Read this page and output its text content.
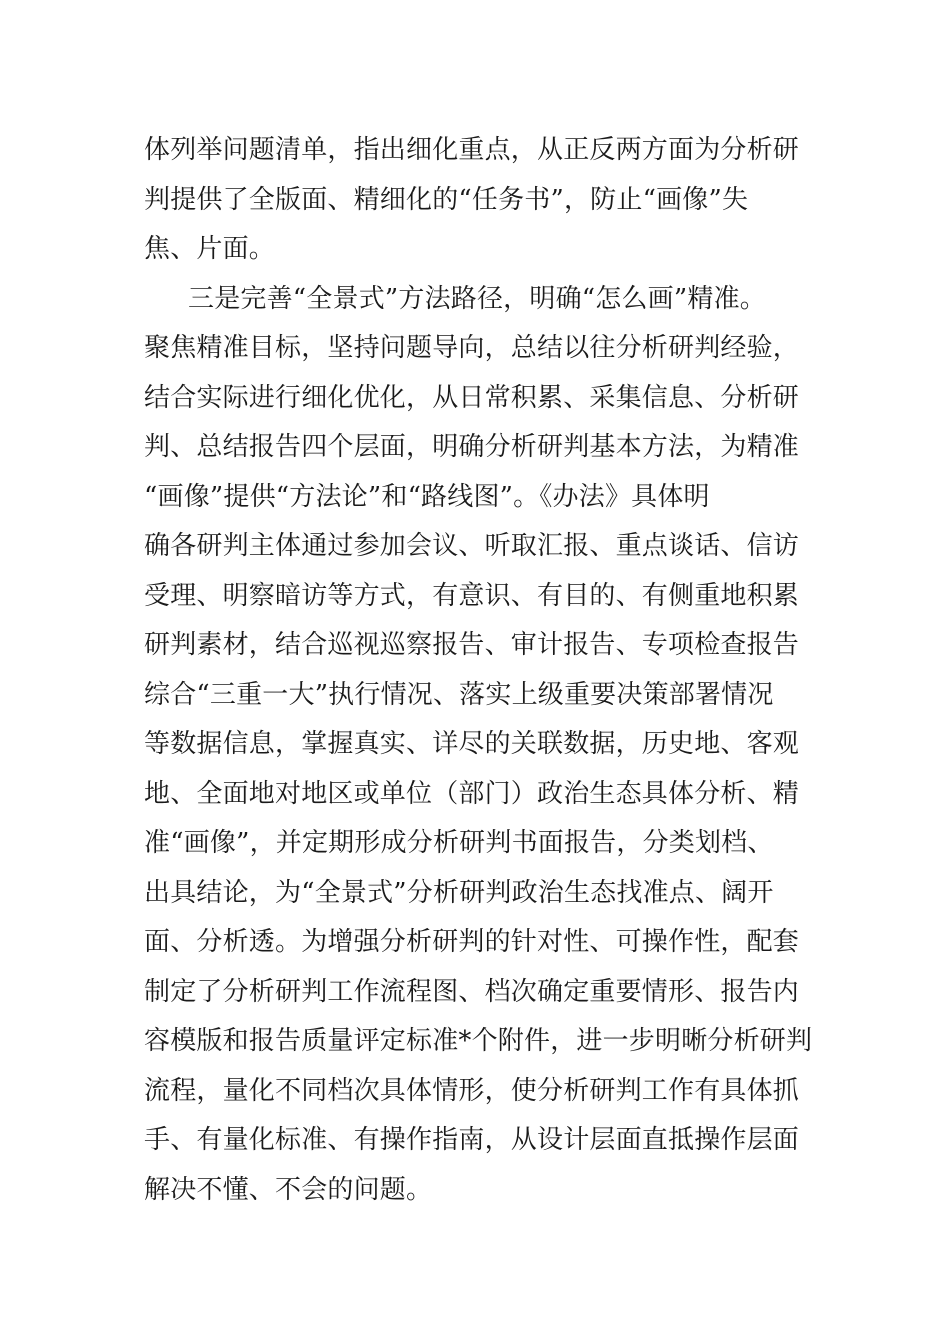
体列举问题清单，指出细化重点，从正反两方面为分析研
判提供了全版面、精细化的“任务书”，防止“画像”失
焦、片面。
三是完善“全景式”方法路径，明确“怎么画”精准。
聚焦精准目标，坚持问题导向，总结以往分析研判经验，
结合实际进行细化优化，从日常积累、采集信息、分析研
判、总结报告四个层面，明确分析研判基本方法，为精准
“画像”提供“方法论”和“路线图”。《办法》具体明
确各研判主体通过参加会议、听取汇报、重点谈话、信访
受理、明察暗访等方式，有意识、有目的、有侧重地积累
研判素材，结合巡视巡察报告、审计报告、专项检查报告
综合“三重一大”执行情况、落实上级重要决策部署情况
等数据信息，掌握真实、详尽的关联数据，历史地、客观
地、全面地对地区或单位（部门）政治生态具体分析、精
准“画像”，并定期形成分析研判书面报告，分类划档、
出具结论，为“全景式”分析研判政治生态找准点、阔开
面、分析透。为增强分析研判的针对性、可操作性，配套
制定了分析研判工作流程图、档次确定重要情形、报告内
容模版和报告质量评定标准*个附件，进一步明晰分析研判
流程，量化不同档次具体情形，使分析研判工作有具体抓
手、有量化标准、有操作指南，从设计层面直抵操作层面
解决不懂、不会的问题。
